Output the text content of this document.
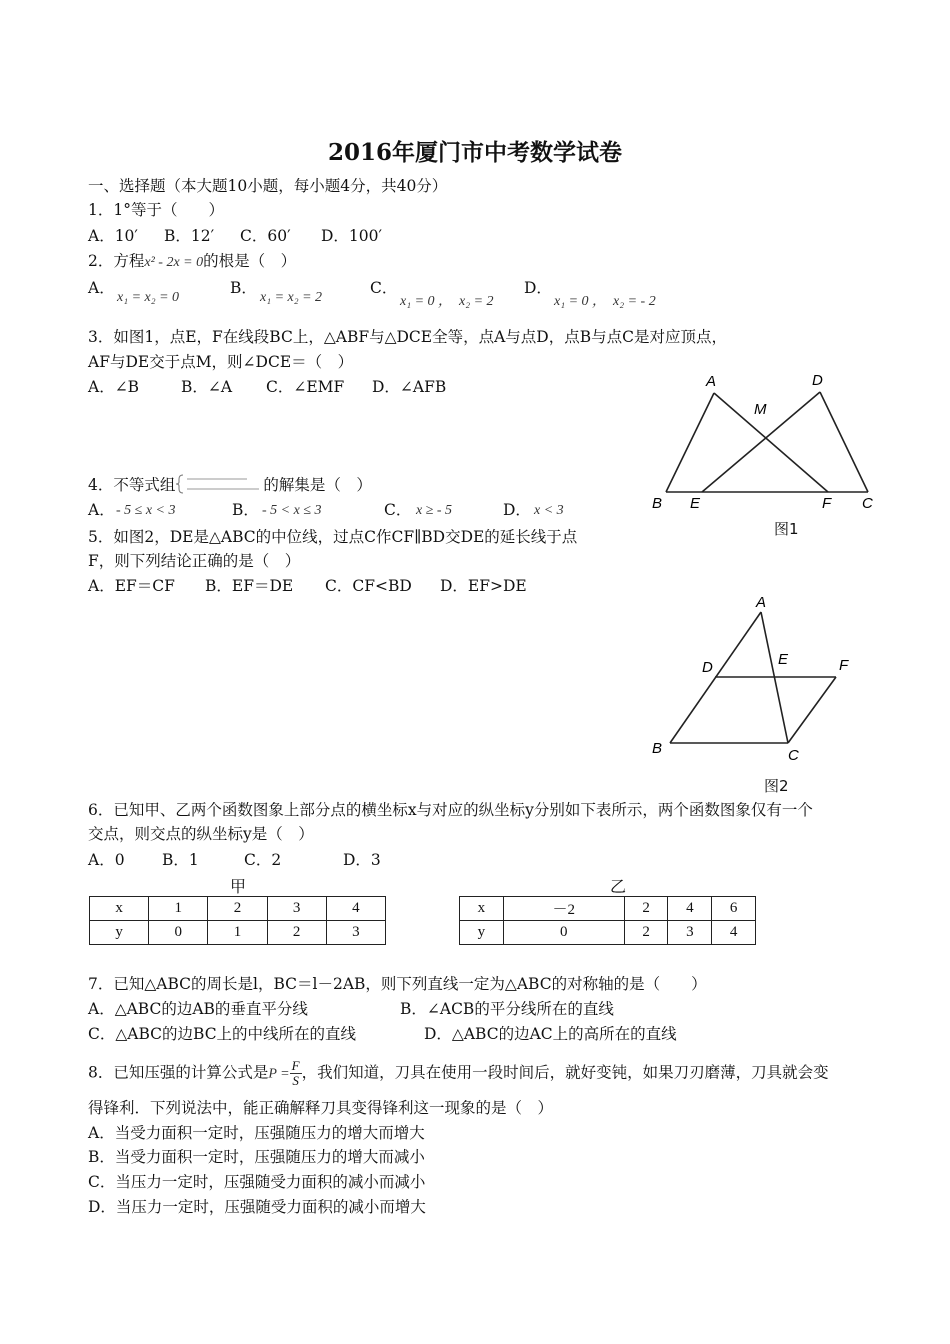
2016年厦门市中考数学试卷
一、选择题（本大题10小题，每小题4分，共40分）
1．1°等于（　　）
A．10′ B．12′ C．60′ D．100′
2．方程x² - 2x = 0的根是（　）
A．
x₁ = x₂ = 0
B．
x₁ = x₂ = 2
C．
x₁ = 0 ，　x₂ = 2
D．
x₁ = 0 ，　x₂ = - 2
3．如图1，点E，F在线段BC上，△ABF与△DCE全等，点A与点D，点B与点C是对应顶点，
AF与DE交于点M，则∠DCE＝（　）
A．∠B	B．∠A C．∠EMF D．∠AFB	A	D
M
B E	F C
图1
4．不等式组	的解集是（　）
A． - 5 ≤ x < 3	B． - 5 < x ≤ 3	C． x ≥ - 5	D． x < 3
5．如图2，DE是△ABC的中位线，过点C作CF∥BD交DE的延长线于点
F，则下列结论正确的是（　）
A．EF＝CF B．EF＝DE C．CF<BD D．EF>DE
A
D	E	F
B	C
图2
6．已知甲、乙两个函数图象上部分点的横坐标x与对应的纵坐标y分别如下表所示，两个函数图象仅有一个
交点，则交点的纵坐标y是（　）
A．0 B．1	C．2	D．3
甲
x	1	2	3	4
y	0	1	2	3
乙
x	－2	2	4	6
y	0	2	3	4
7．已知△ABC的周长是l，BC＝l－2AB，则下列直线一定为△ABC的对称轴的是（　　）
A．△ABC的边AB的垂直平分线	B．∠ACB的平分线所在的直线
C．△ABC的边BC上的中线所在的直线	D．△ABC的边AC上的高所在的直线
8．已知压强的计算公式是$P = \frac{F}{S}$ ，我们知道，刀具在使用一段时间后，就好变钝，如果刀刃磨薄，刀具就会变
得锋利．下列说法中，能正确解释刀具变得锋利这一现象的是（　）
A．当受力面积一定时，压强随压力的增大而增大
B．当受力面积一定时，压强随压力的增大而减小
C．当压力一定时，压强随受力面积的减小而减小
D．当压力一定时，压强随受力面积的减小而增大
